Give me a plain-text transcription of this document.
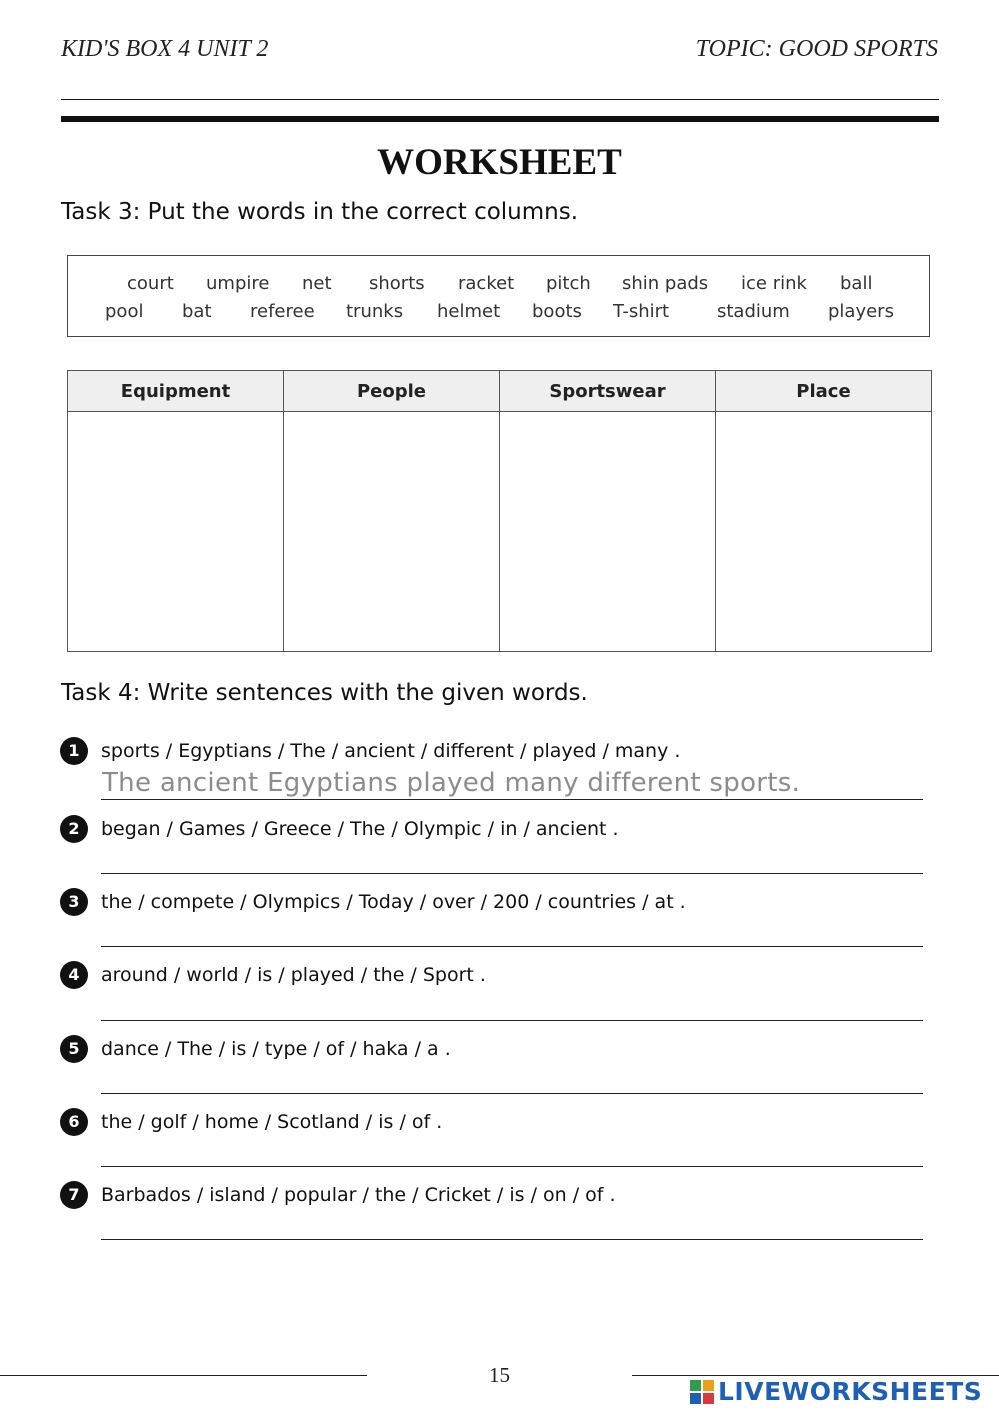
KID'S BOX 4 UNIT 2	TOPIC: GOOD SPORTS
WORKSHEET
Task 3: Put the words in the correct columns.
court umpire net shorts racket pitch shin pads ice rink ball
pool bat referee trunks helmet boots T-shirt	stadium players
Equipment	People	Sportswear	Place

Task 4: Write sentences with the given words.
1	sports / Egyptians / The / ancient / different / played / many .
The ancient Egyptians played many different sports.
2	began / Games / Greece / The / Olympic / in / ancient .
3	the / compete / Olympics / Today / over / 200 / countries / at .
4	around / world / is / played / the / Sport .
5	dance / The / is / type / of / haka / a .
6	the / golf / home / Scotland / is / of .
7	Barbados / island / popular / the / Cricket / is / on / of .
15
LIVEWORKSHEETS
